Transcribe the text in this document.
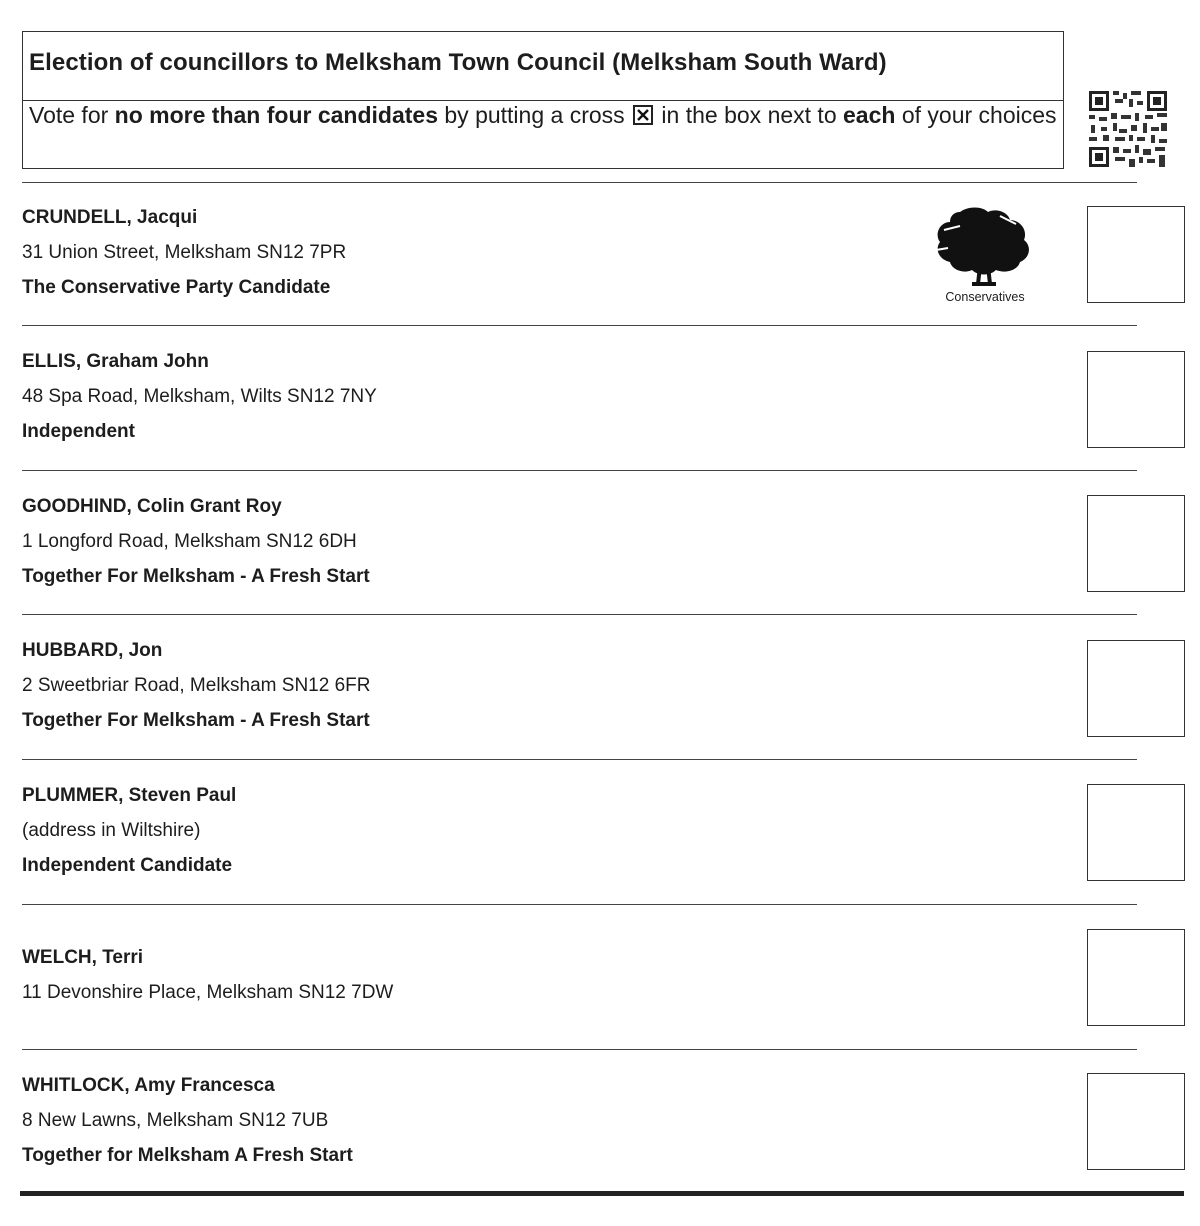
Election of councillors to Melksham Town Council (Melksham South Ward)
Vote for no more than four candidates by putting a cross ☒ in the box next to each of your choices
CRUNDELL, Jacqui
31 Union Street, Melksham SN12 7PR
The Conservative Party Candidate	Conservatives
ELLIS, Graham John
48 Spa Road, Melksham, Wilts SN12 7NY
Independent
GOODHIND, Colin Grant Roy
1 Longford Road, Melksham SN12 6DH
Together For Melksham - A Fresh Start
HUBBARD, Jon
2 Sweetbriar Road, Melksham SN12 6FR
Together For Melksham - A Fresh Start
PLUMMER, Steven Paul
(address in Wiltshire)
Independent Candidate
WELCH, Terri
11 Devonshire Place, Melksham SN12 7DW
WHITLOCK, Amy Francesca
8 New Lawns, Melksham SN12 7UB
Together for Melksham A Fresh Start
